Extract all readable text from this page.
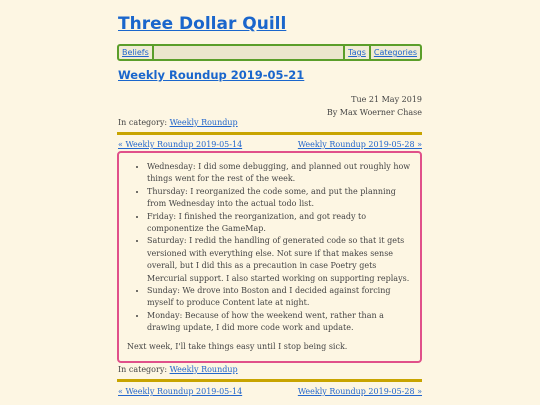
Three Dollar Quill
Beliefs	Tags	Categories
Weekly Roundup 2019-05-21
Tue 21 May 2019
By Max Woerner Chase
In category: Weekly Roundup
« Weekly Roundup 2019-05-14	Weekly Roundup 2019-05-28 »
• Wednesday: I did some debugging, and planned out roughly how things went for the rest of the week.
• Thursday: I reorganized the code some, and put the planning from Wednesday into the actual todo list.
• Friday: I finished the reorganization, and got ready to componentize the GameMap.
• Saturday: I redid the handling of generated code so that it gets versioned with everything else. Not sure if that makes sense overall, but I did this as a precaution in case Poetry gets Mercurial support. I also started working on supporting replays.
• Sunday: We drove into Boston and I decided against forcing myself to produce Content late at night.
• Monday: Because of how the weekend went, rather than a drawing update, I did more code work and update.

Next week, I'll take things easy until I stop being sick.

In category: Weekly Roundup
« Weekly Roundup 2019-05-14	Weekly Roundup 2019-05-28 »
